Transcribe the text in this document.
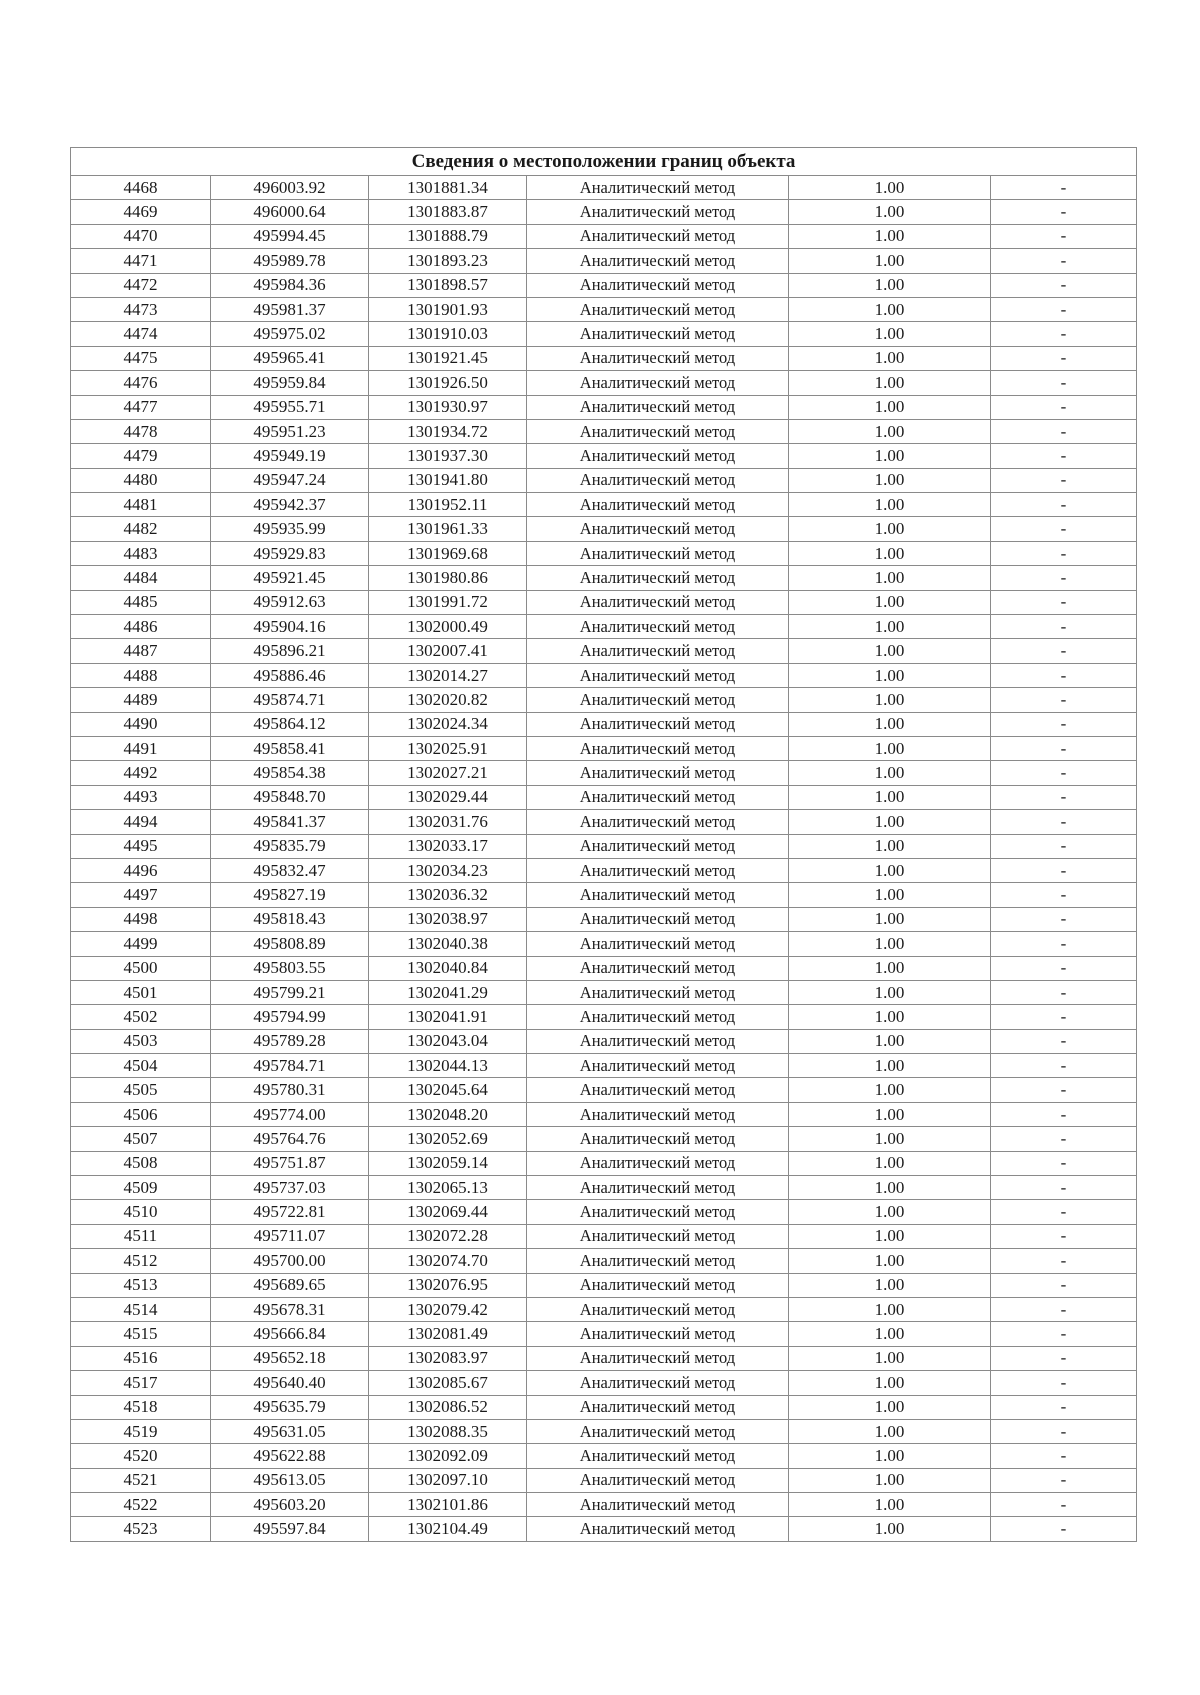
Сведения о местоположении границ объекта					
4468	496003.92	1301881.34	Аналитический метод	1.00	-
4469	496000.64	1301883.87	Аналитический метод	1.00	-
4470	495994.45	1301888.79	Аналитический метод	1.00	-
4471	495989.78	1301893.23	Аналитический метод	1.00	-
4472	495984.36	1301898.57	Аналитический метод	1.00	-
4473	495981.37	1301901.93	Аналитический метод	1.00	-
4474	495975.02	1301910.03	Аналитический метод	1.00	-
4475	495965.41	1301921.45	Аналитический метод	1.00	-
4476	495959.84	1301926.50	Аналитический метод	1.00	-
4477	495955.71	1301930.97	Аналитический метод	1.00	-
4478	495951.23	1301934.72	Аналитический метод	1.00	-
4479	495949.19	1301937.30	Аналитический метод	1.00	-
4480	495947.24	1301941.80	Аналитический метод	1.00	-
4481	495942.37	1301952.11	Аналитический метод	1.00	-
4482	495935.99	1301961.33	Аналитический метод	1.00	-
4483	495929.83	1301969.68	Аналитический метод	1.00	-
4484	495921.45	1301980.86	Аналитический метод	1.00	-
4485	495912.63	1301991.72	Аналитический метод	1.00	-
4486	495904.16	1302000.49	Аналитический метод	1.00	-
4487	495896.21	1302007.41	Аналитический метод	1.00	-
4488	495886.46	1302014.27	Аналитический метод	1.00	-
4489	495874.71	1302020.82	Аналитический метод	1.00	-
4490	495864.12	1302024.34	Аналитический метод	1.00	-
4491	495858.41	1302025.91	Аналитический метод	1.00	-
4492	495854.38	1302027.21	Аналитический метод	1.00	-
4493	495848.70	1302029.44	Аналитический метод	1.00	-
4494	495841.37	1302031.76	Аналитический метод	1.00	-
4495	495835.79	1302033.17	Аналитический метод	1.00	-
4496	495832.47	1302034.23	Аналитический метод	1.00	-
4497	495827.19	1302036.32	Аналитический метод	1.00	-
4498	495818.43	1302038.97	Аналитический метод	1.00	-
4499	495808.89	1302040.38	Аналитический метод	1.00	-
4500	495803.55	1302040.84	Аналитический метод	1.00	-
4501	495799.21	1302041.29	Аналитический метод	1.00	-
4502	495794.99	1302041.91	Аналитический метод	1.00	-
4503	495789.28	1302043.04	Аналитический метод	1.00	-
4504	495784.71	1302044.13	Аналитический метод	1.00	-
4505	495780.31	1302045.64	Аналитический метод	1.00	-
4506	495774.00	1302048.20	Аналитический метод	1.00	-
4507	495764.76	1302052.69	Аналитический метод	1.00	-
4508	495751.87	1302059.14	Аналитический метод	1.00	-
4509	495737.03	1302065.13	Аналитический метод	1.00	-
4510	495722.81	1302069.44	Аналитический метод	1.00	-
4511	495711.07	1302072.28	Аналитический метод	1.00	-
4512	495700.00	1302074.70	Аналитический метод	1.00	-
4513	495689.65	1302076.95	Аналитический метод	1.00	-
4514	495678.31	1302079.42	Аналитический метод	1.00	-
4515	495666.84	1302081.49	Аналитический метод	1.00	-
4516	495652.18	1302083.97	Аналитический метод	1.00	-
4517	495640.40	1302085.67	Аналитический метод	1.00	-
4518	495635.79	1302086.52	Аналитический метод	1.00	-
4519	495631.05	1302088.35	Аналитический метод	1.00	-
4520	495622.88	1302092.09	Аналитический метод	1.00	-
4521	495613.05	1302097.10	Аналитический метод	1.00	-
4522	495603.20	1302101.86	Аналитический метод	1.00	-
4523	495597.84	1302104.49	Аналитический метод	1.00	-
